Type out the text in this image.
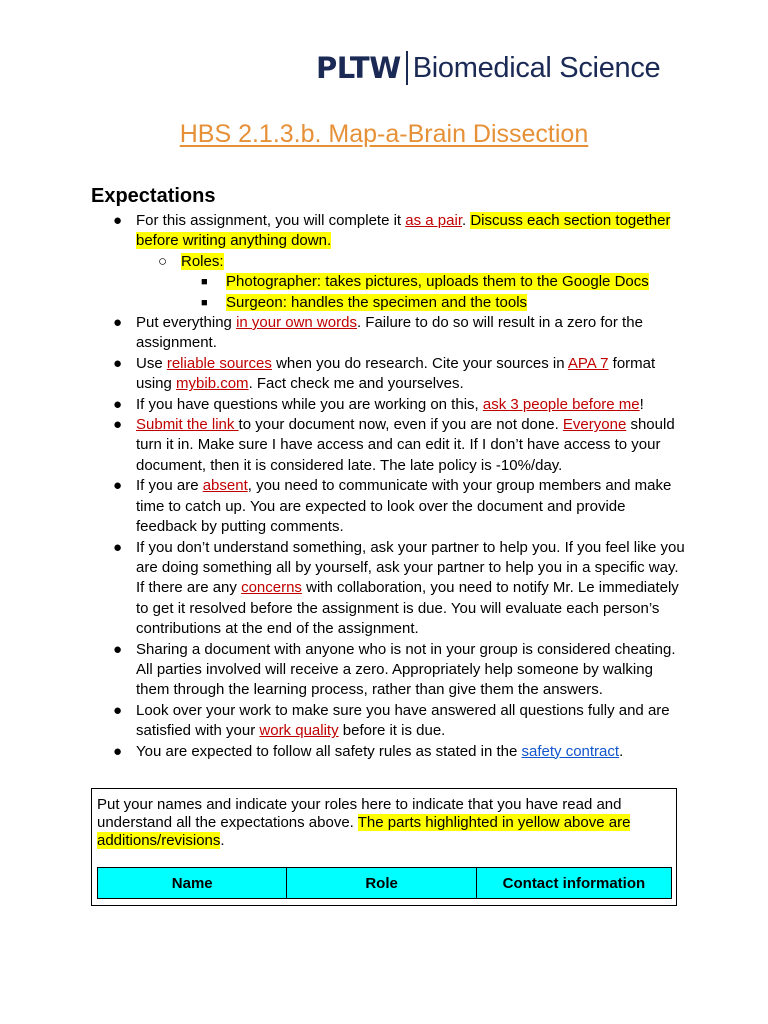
PLTW Biomedical Science
HBS 2.1.3.b. Map-a-Brain Dissection
Expectations
● For this assignment, you will complete it as a pair. Discuss each section together before writing anything down.
○ Roles:
■ Photographer: takes pictures, uploads them to the Google Docs
■ Surgeon: handles the specimen and the tools
● Put everything in your own words. Failure to do so will result in a zero for the assignment.
● Use reliable sources when you do research. Cite your sources in APA 7 format using mybib.com. Fact check me and yourselves.
● If you have questions while you are working on this, ask 3 people before me!
● Submit the link to your document now, even if you are not done. Everyone should turn it in. Make sure I have access and can edit it. If I don’t have access to your document, then it is considered late. The late policy is -10%/day.
● If you are absent, you need to communicate with your group members and make time to catch up. You are expected to look over the document and provide feedback by putting comments.
● If you don’t understand something, ask your partner to help you. If you feel like you are doing something all by yourself, ask your partner to help you in a specific way. If there are any concerns with collaboration, you need to notify Mr. Le immediately to get it resolved before the assignment is due. You will evaluate each person’s contributions at the end of the assignment.
● Sharing a document with anyone who is not in your group is considered cheating. All parties involved will receive a zero. Appropriately help someone by walking them through the learning process, rather than give them the answers.
● Look over your work to make sure you have answered all questions fully and are satisfied with your work quality before it is due.
● You are expected to follow all safety rules as stated in the safety contract.
Put your names and indicate your roles here to indicate that you have read and understand all the expectations above. The parts highlighted in yellow above are additions/revisions.
Name	Role	Contact information
